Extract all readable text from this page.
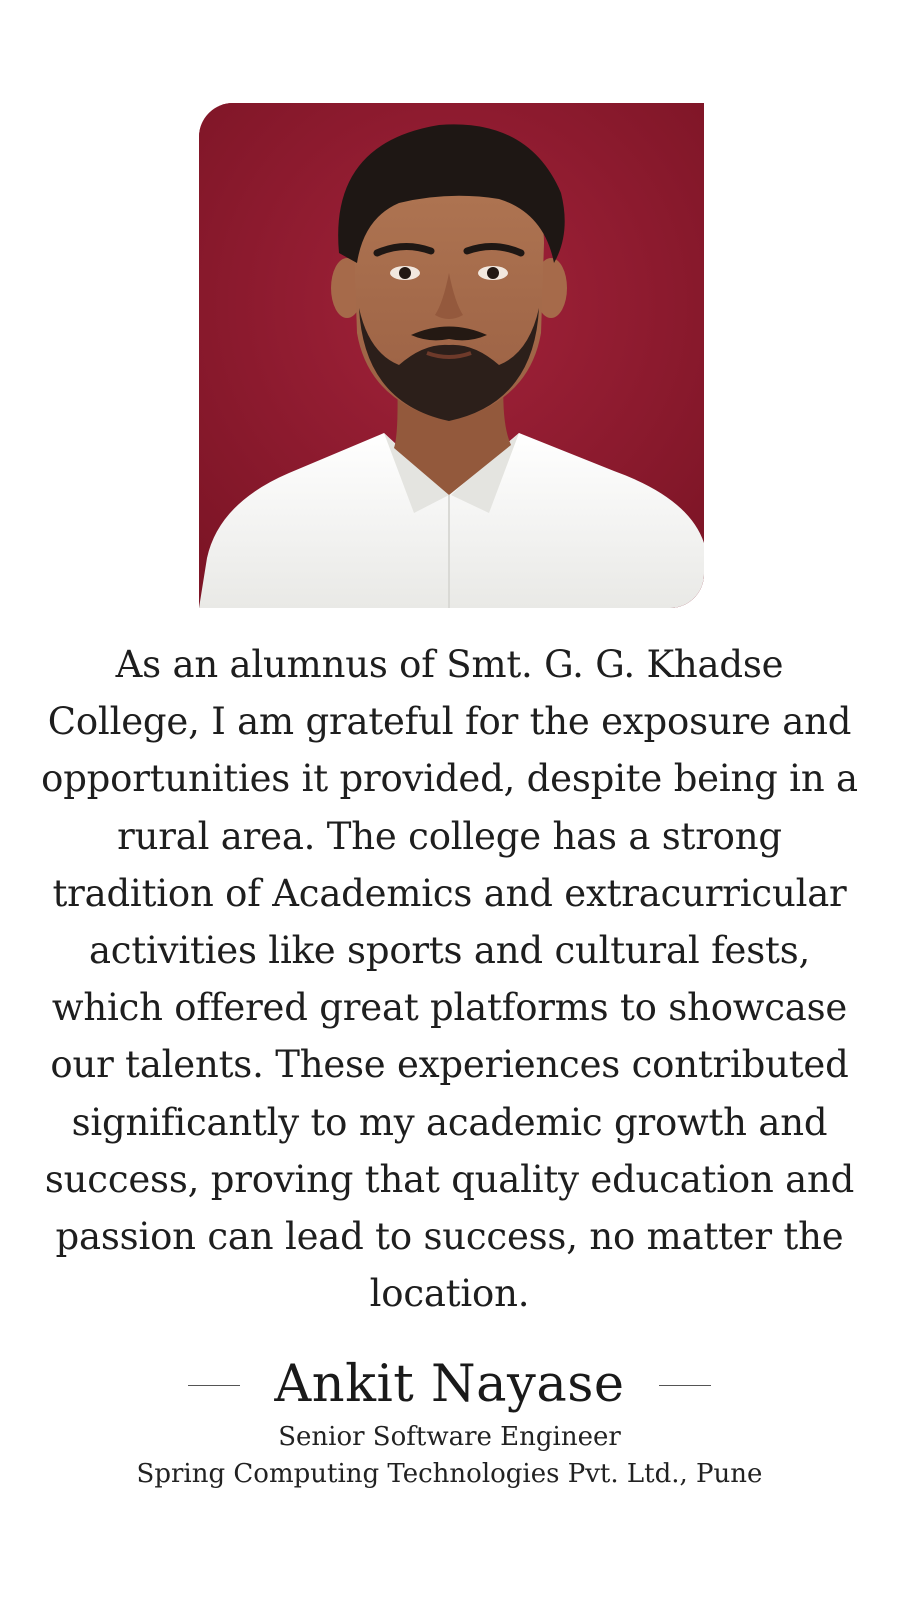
As an alumnus of Smt. G. G. Khadse College, I am grateful for the exposure and opportunities it provided, despite being in a rural area. The college has a strong tradition of Academics and extracurricular activities like sports and cultural fests, which offered great platforms to showcase our talents. These experiences contributed significantly to my academic growth and success, proving that quality education and passion can lead to success, no matter the location.

Ankit Nayase
Senior Software Engineer
Spring Computing Technologies Pvt. Ltd., Pune
